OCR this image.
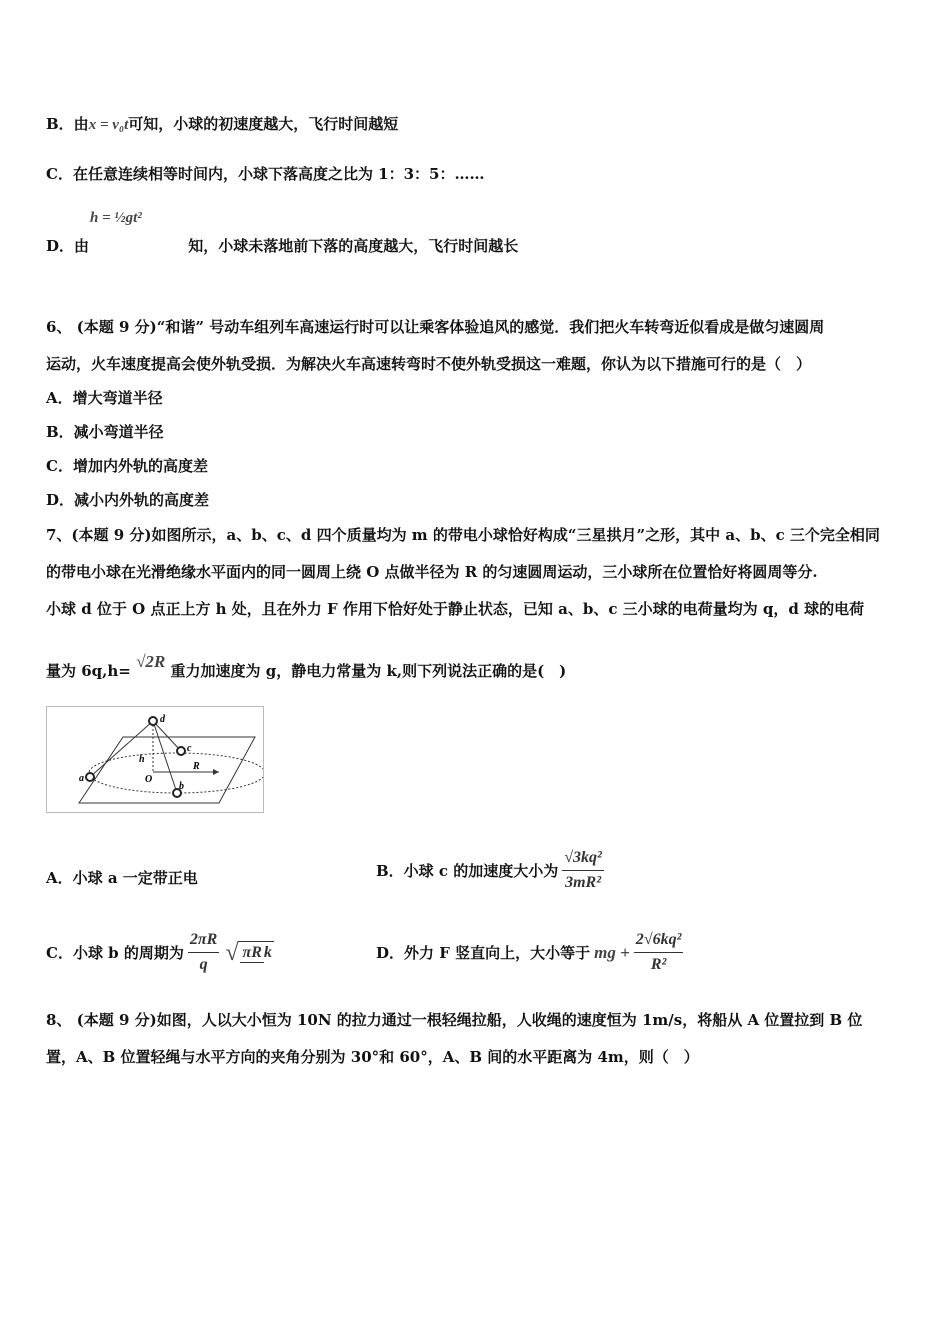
B．由x = v₀t可知，小球的初速度越大，飞行时间越短
C．在任意连续相等时间内，小球下落高度之比为 1：3：5：……
D．由
h = ½gt²
知，小球未落地前下落的高度越大，飞行时间越长
6、 (本题 9 分)“和谐” 号动车组列车高速运行时可以让乘客体验追风的感觉．我们把火车转弯近似看成是做匀速圆周
运动，火车速度提高会使外轨受损．为解决火车高速转弯时不使外轨受损这一难题，你认为以下措施可行的是（　）
A．增大弯道半径
B．减小弯道半径
C．增加内外轨的高度差
D．减小内外轨的高度差
7、(本题 9 分)如图所示，a、b、c、d 四个质量均为 m 的带电小球恰好构成“三星拱月”之形，其中 a、b、c 三个完全相同
的带电小球在光滑绝缘水平面内的同一圆周上绕 O 点做半径为 R 的匀速圆周运动，三小球所在位置恰好将圆周等分.
小球 d 位于 O 点正上方 h 处，且在外力 F 作用下恰好处于静止状态，已知 a、b、c 三小球的电荷量均为 q，d 球的电荷
量为 6q,h= √2R 重力加速度为 g，静电力常量为 k,则下列说法正确的是(　)
d
c
h
O
R
a
b
A．小球 a 一定带正电	B．小球 c 的加速度大小为 $\frac{\text{√3kq²}}{\text{3mR²}}$
C．小球 b 的周期为 $\frac{2\pi R}{q}$ √ πR k	D．外力 F 竖直向上，大小等于 mg + $\frac{\text{2√6kq²}}{\text{R²}}$
8、 (本题 9 分)如图，人以大小恒为 10N 的拉力通过一根轻绳拉船，人收绳的速度恒为 1m/s，将船从 A 位置拉到 B 位
置，A、B 位置轻绳与水平方向的夹角分别为 30°和 60°，A、B 间的水平距离为 4m，则（　）
